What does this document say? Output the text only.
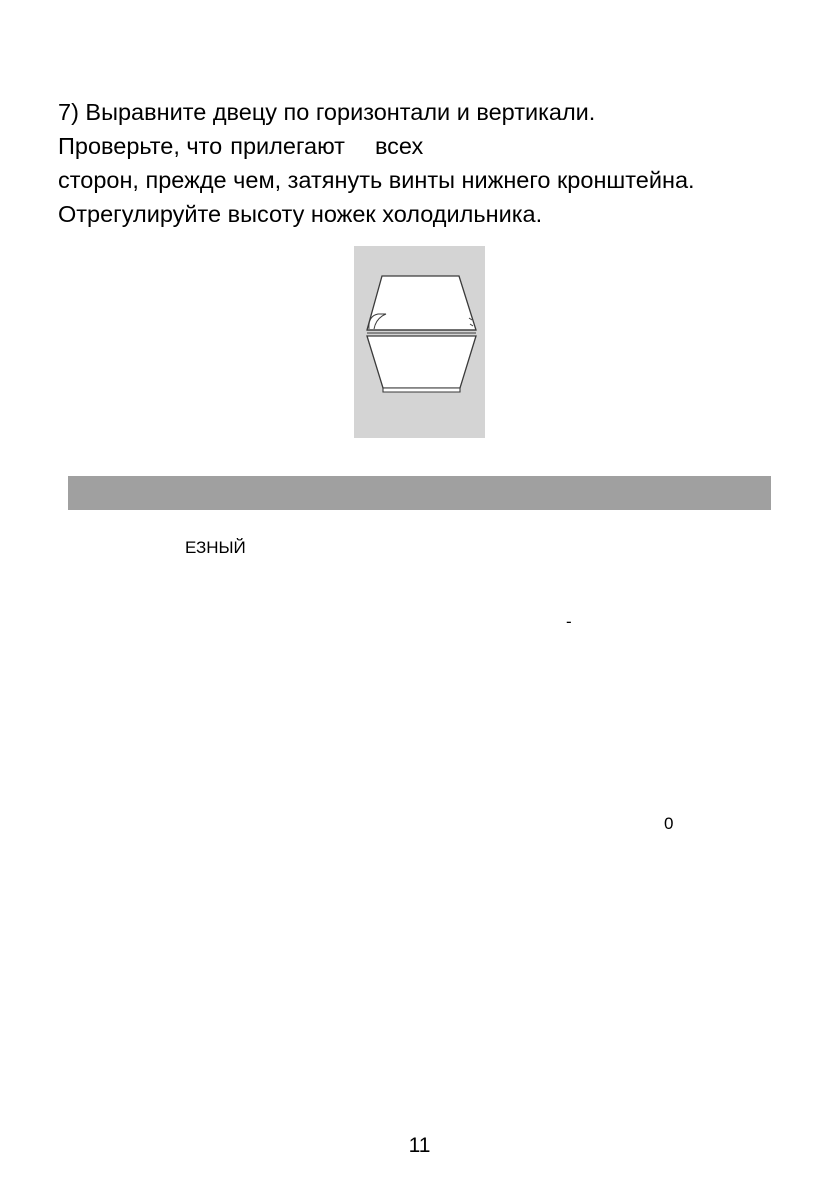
7) Выравните двецу по горизонтали и вертикали.

Проверьте, что прилегают всех

сторон, прежде чем, затянуть винты нижнего кронштейна.

Отрегулируйте высоту ножек холодильника.

ЕЗНЫЙ
-
0
11
